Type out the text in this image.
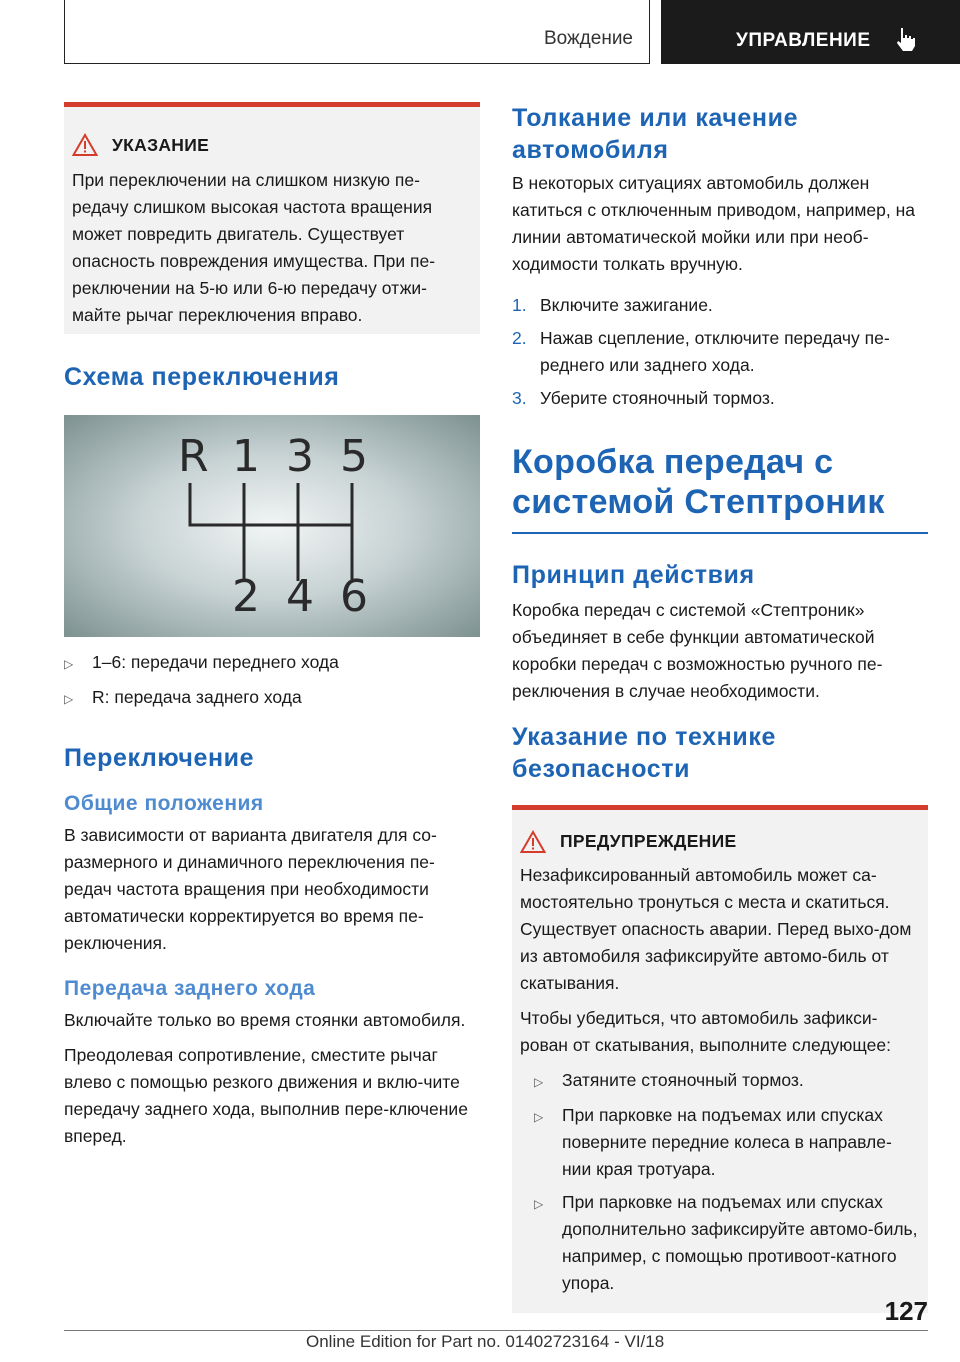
Вождение	УПРАВЛЕНИЕ
УКАЗАНИЕ
При переключении на слишком низкую пе-редачу слишком высокая частота вращения может повредить двигатель. Существует опасность повреждения имущества. При пе-реключении на 5-ю или 6-ю передачу отжи-майте рычаг переключения вправо.
Схема переключения
R 1 3 5
2 4 6
▷	1–6: передачи переднего хода
▷	R: передача заднего хода
Переключение
Общие положения
В зависимости от варианта двигателя для со-размерного и динамичного переключения пе-редач частота вращения при необходимости автоматически корректируется во время пе-реключения.
Передача заднего хода
Включайте только во время стоянки автомобиля.
Преодолевая сопротивление, сместите рычаг влево с помощью резкого движения и вклю-чите передачу заднего хода, выполнив пере-ключение вперед.
Толкание или качение автомобиля
В некоторых ситуациях автомобиль должен катиться с отключенным приводом, например, на линии автоматической мойки или при необ-ходимости толкать вручную.
1. Включите зажигание.
2. Нажав сцепление, отключите передачу пе-реднего или заднего хода.
3. Уберите стояночный тормоз.
Коробка передач с системой Стептроник
Принцип действия
Коробка передач с системой «Стептроник» объединяет в себе функции автоматической коробки передач с возможностью ручного пе-реключения в случае необходимости.
Указание по технике безопасности
ПРЕДУПРЕЖДЕНИЕ
Незафиксированный автомобиль может са-мостоятельно тронуться с места и скатиться. Существует опасность аварии. Перед выхо-дом из автомобиля зафиксируйте автомо-биль от скатывания.
Чтобы убедиться, что автомобиль зафикси-рован от скатывания, выполните следующее:
▷	Затяните стояночный тормоз.
▷	При парковке на подъемах или спусках поверните передние колеса в направле-нии края тротуара.
▷	При парковке на подъемах или спусках дополнительно зафиксируйте автомо-биль, например, с помощью противоот-катного упора.
127
Online Edition for Part no. 01402723164 - VI/18
